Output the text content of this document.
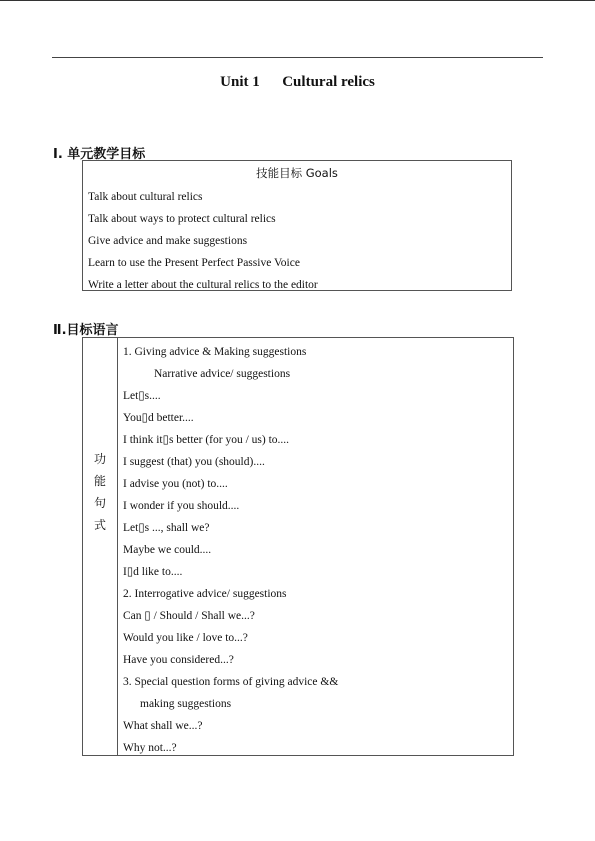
Unit 1      Cultural relics
I. 单元教学目标
技能目标 Goals
Talk about cultural relics
Talk about ways to protect cultural relics
Give advice and make suggestions
Learn to use the Present Perfect Passive Voice
Write a letter about the cultural relics to the editor
Ⅱ.目标语言
功
能
句
式
1. Giving advice & Making suggestions
Narrative advice/ suggestions
Let▯s....
You▯d better....
I think it▯s better (for you / us) to....
I suggest (that) you (should)....
I advise you (not) to....
I wonder if you should....
Let▯s ..., shall we?
Maybe we could....
I▯d like to....
2. Interrogative advice/ suggestions
Can ▯ / Should / Shall we...?
Would you like / love to...?
Have you considered...?
3. Special question forms of giving advice &&
making suggestions
What shall we...?
Why not...?
